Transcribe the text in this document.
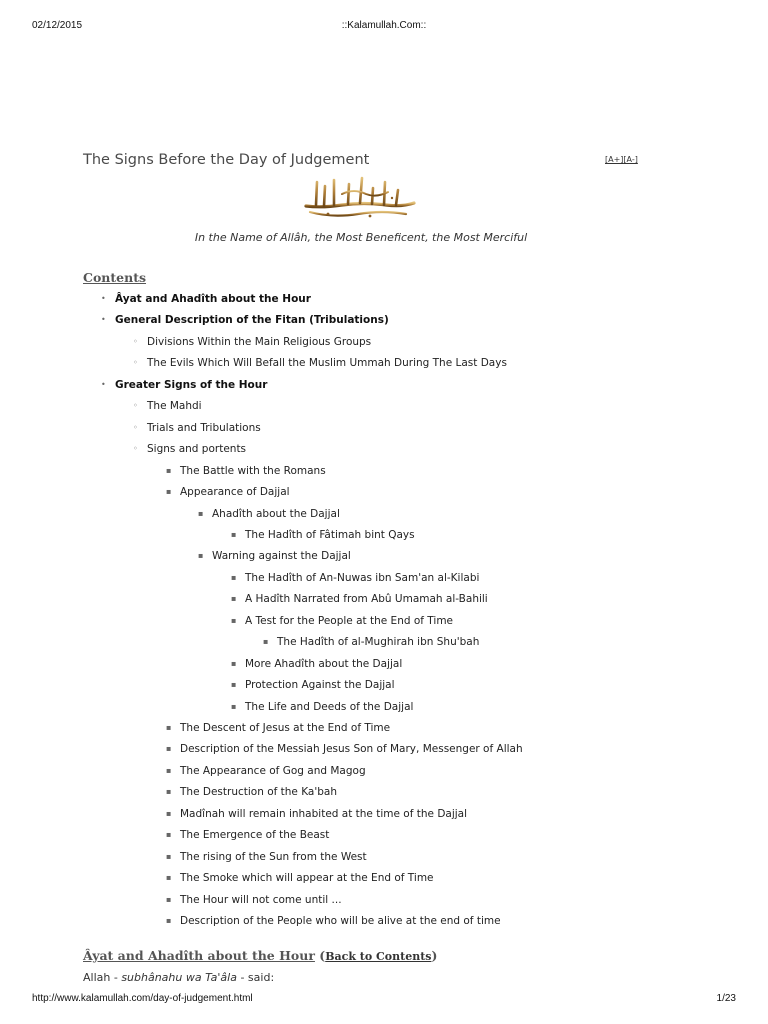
02/12/2015	::Kalamullah.Com::
The Signs Before the Day of Judgement	[A+][A-]
In the Name of Allâh, the Most Beneficent, the Most Merciful
Contents
• Âyat and Ahadîth about the Hour
• General Description of the Fitan (Tribulations)
◦ Divisions Within the Main Religious Groups
◦ The Evils Which Will Befall the Muslim Ummah During The Last Days
• Greater Signs of the Hour
◦ The Mahdi
◦ Trials and Tribulations
◦ Signs and portents
▪ The Battle with the Romans
▪ Appearance of Dajjal
▪ Ahadîth about the Dajjal
▪ The Hadîth of Fâtimah bint Qays
▪ Warning against the Dajjal
▪ The Hadîth of An-Nuwas ibn Sam'an al-Kilabi
▪ A Hadîth Narrated from Abû Umamah al-Bahili
▪ A Test for the People at the End of Time
▪ The Hadîth of al-Mughirah ibn Shu'bah
▪ More Ahadîth about the Dajjal
▪ Protection Against the Dajjal
▪ The Life and Deeds of the Dajjal
▪ The Descent of Jesus at the End of Time
▪ Description of the Messiah Jesus Son of Mary, Messenger of Allah
▪ The Appearance of Gog and Magog
▪ The Destruction of the Ka'bah
▪ Madînah will remain inhabited at the time of the Dajjal
▪ The Emergence of the Beast
▪ The rising of the Sun from the West
▪ The Smoke which will appear at the End of Time
▪ The Hour will not come until ...
▪ Description of the People who will be alive at the end of time
Âyat and Ahadîth about the Hour (Back to Contents)
Allah - subhânahu wa Ta'âla - said:
http://www.kalamullah.com/day-of-judgement.html	1/23
